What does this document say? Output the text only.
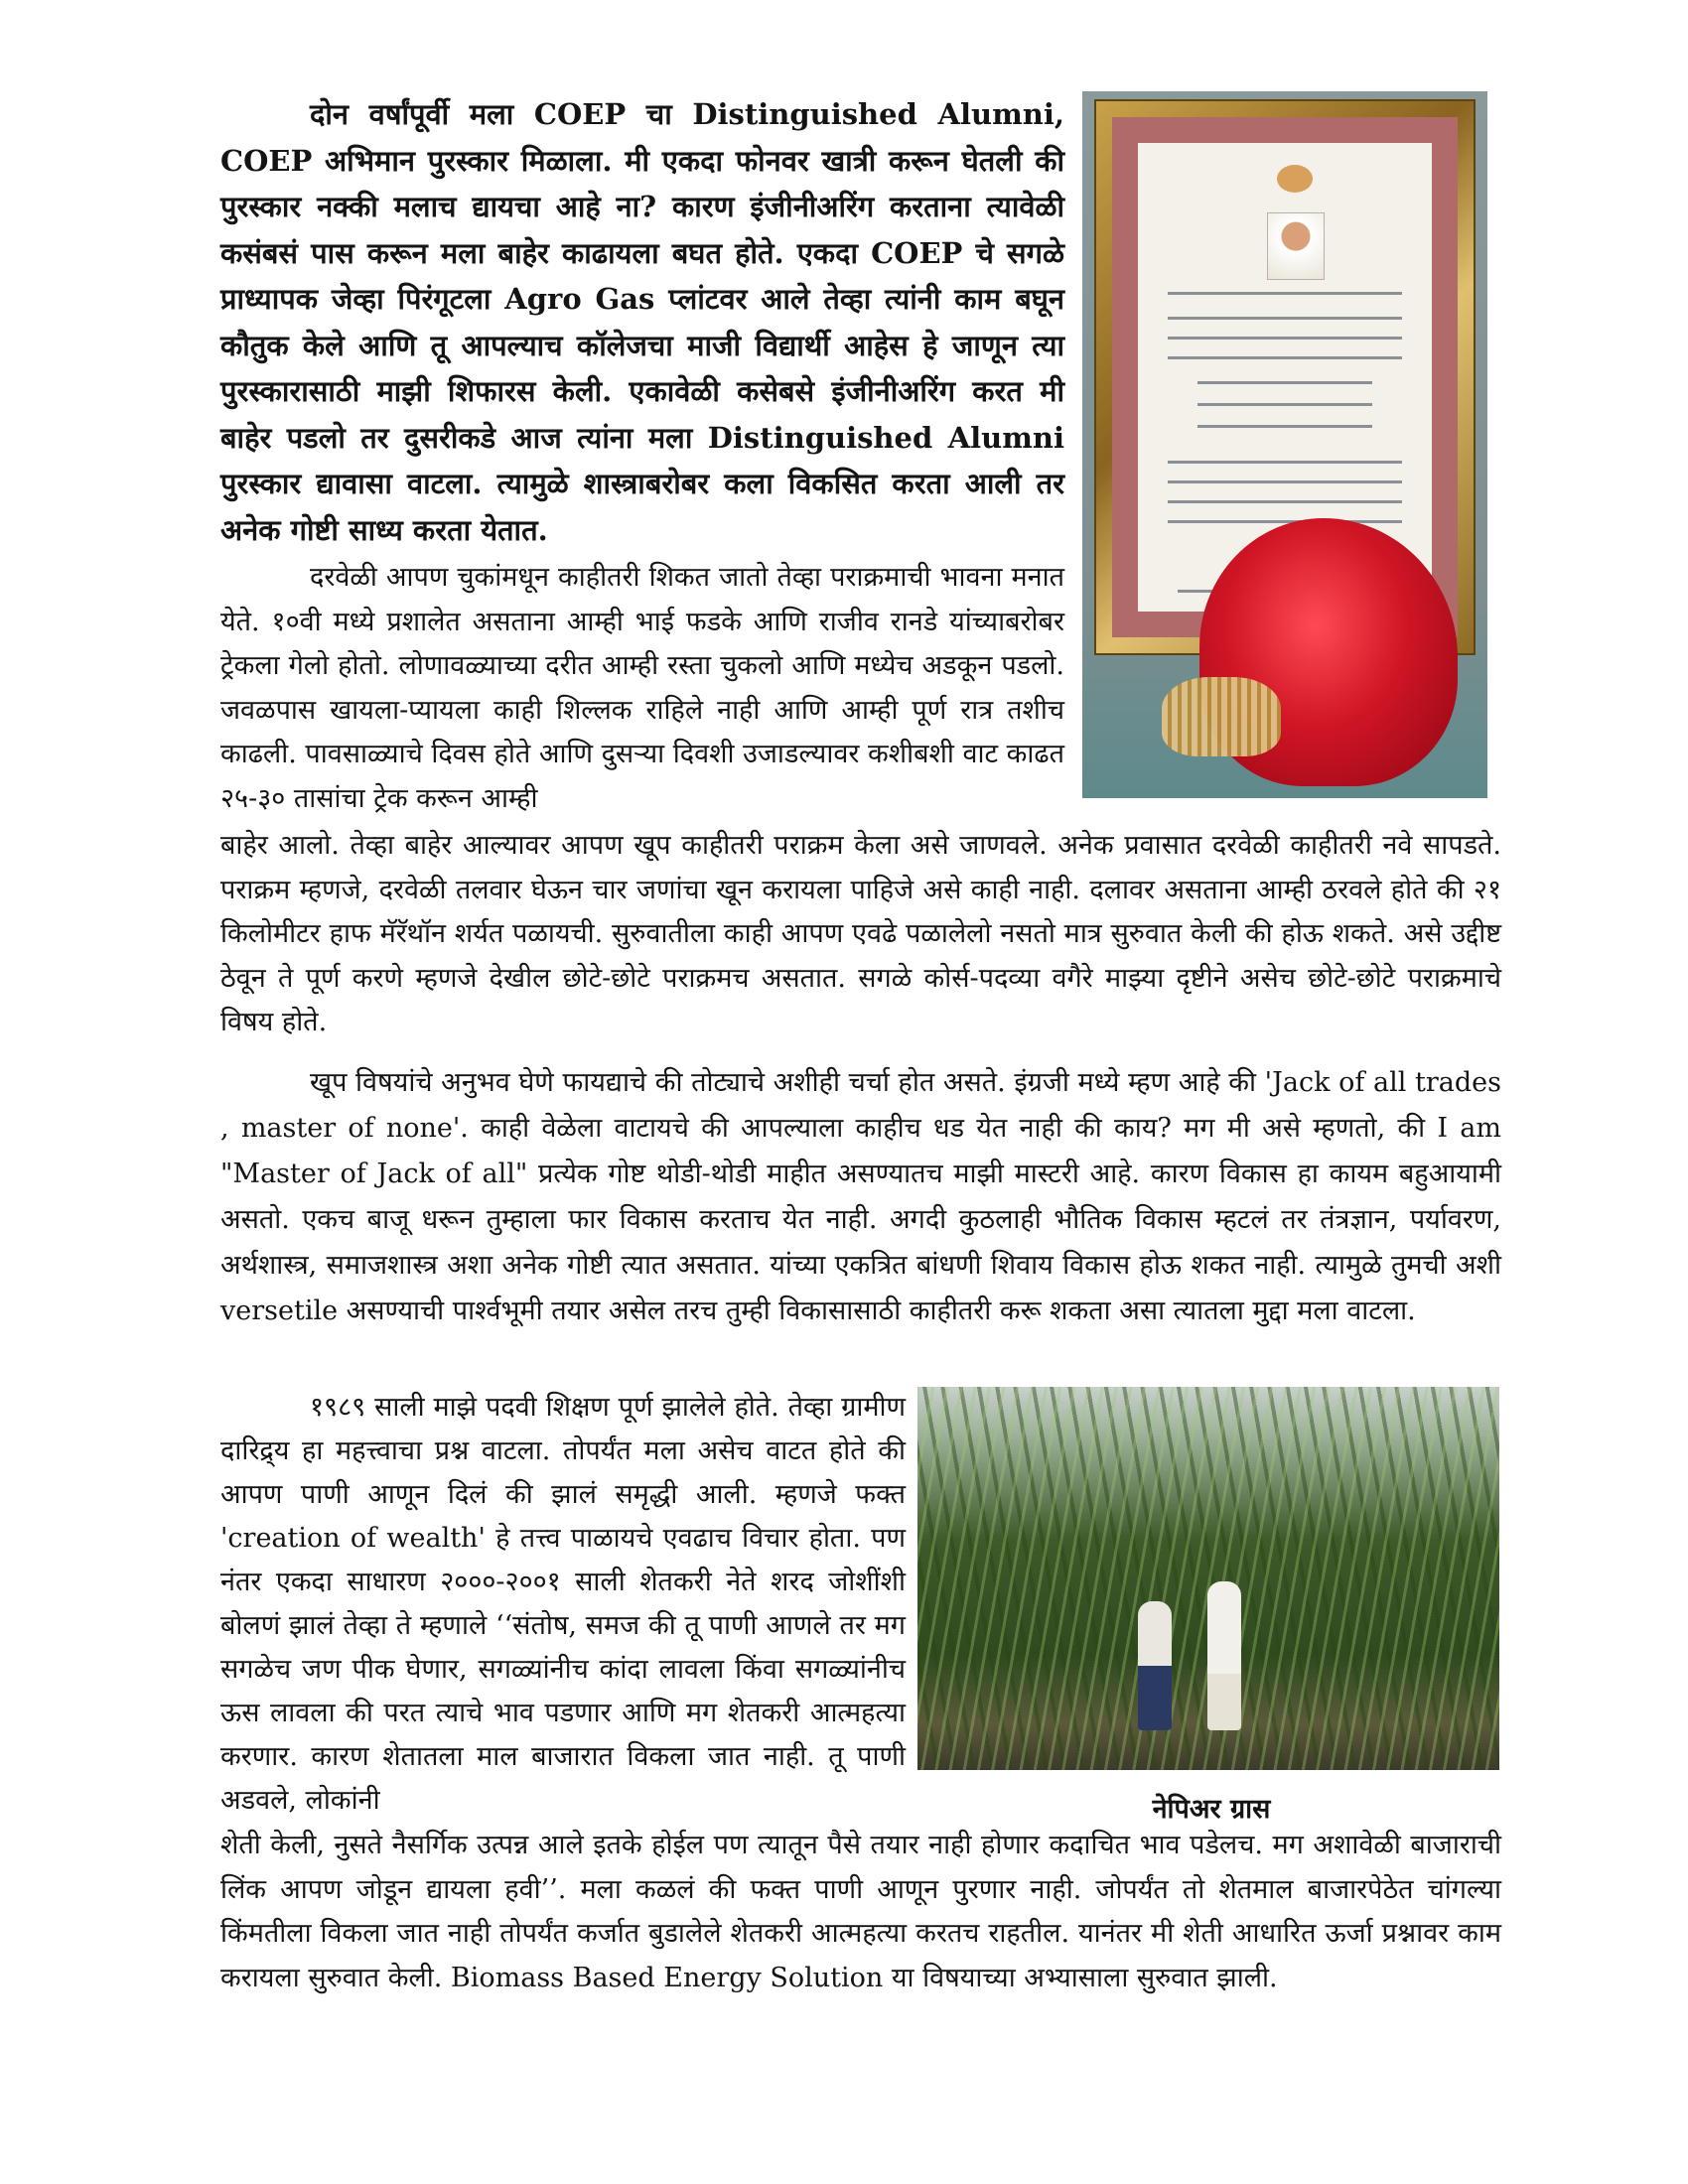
दोन वर्षांपूर्वी मला COEP चा Distinguished Alumni, COEP अभिमान पुरस्कार मिळाला. मी एकदा फोनवर खात्री करून घेतली की पुरस्कार नक्की मलाच द्यायचा आहे ना? कारण इंजीनीअरिंग करताना त्यावेळी कसंबसं पास करून मला बाहेर काढायला बघत होते. एकदा COEP चे सगळे प्राध्यापक जेव्हा पिरंगूटला Agro Gas प्लांटवर आले तेव्हा त्यांनी काम बघून कौतुक केले आणि तू आपल्याच कॉलेजचा माजी विद्यार्थी आहेस हे जाणून त्या पुरस्कारासाठी माझी शिफारस केली. एकावेळी कसेबसे इंजीनीअरिंग करत मी बाहेर पडलो तर दुसरीकडे आज त्यांना मला Distinguished Alumni पुरस्कार द्यावासा वाटला. त्यामुळे शास्त्राबरोबर कला विकसित करता आली तर अनेक गोष्टी साध्य करता येतात.
दरवेळी आपण चुकांमधून काहीतरी शिकत जातो तेव्हा पराक्रमाची भावना मनात येते. १०वी मध्ये प्रशालेत असताना आम्ही भाई फडके आणि राजीव रानडे यांच्याबरोबर ट्रेकला गेलो होतो. लोणावळ्याच्या दरीत आम्ही रस्ता चुकलो आणि मध्येच अडकून पडलो. जवळपास खायला-प्यायला काही शिल्लक राहिले नाही आणि आम्ही पूर्ण रात्र तशीच काढली. पावसाळ्याचे दिवस होते आणि दुसऱ्या दिवशी उजाडल्यावर कशीबशी वाट काढत २५-३० तासांचा ट्रेक करून आम्ही
बाहेर आलो. तेव्हा बाहेर आल्यावर आपण खूप काहीतरी पराक्रम केला असे जाणवले. अनेक प्रवासात दरवेळी काहीतरी नवे सापडते. पराक्रम म्हणजे, दरवेळी तलवार घेऊन चार जणांचा खून करायला पाहिजे असे काही नाही. दलावर असताना आम्ही ठरवले होते की २१ किलोमीटर हाफ मॅरॅथॉन शर्यत पळायची. सुरुवातीला काही आपण एवढे पळालेलो नसतो मात्र सुरुवात केली की होऊ शकते. असे उद्दीष्ट ठेवून ते पूर्ण करणे म्हणजे देखील छोटे-छोटे पराक्रमच असतात. सगळे कोर्स-पदव्या वगैरे माझ्या दृष्टीने असेच छोटे-छोटे पराक्रमाचे विषय होते.
खूप विषयांचे अनुभव घेणे फायद्याचे की तोट्याचे अशीही चर्चा होत असते. इंग्रजी मध्ये म्हण आहे की 'Jack of all trades , master of none'. काही वेळेला वाटायचे की आपल्याला काहीच धड येत नाही की काय? मग मी असे म्हणतो, की I am "Master of Jack of all" प्रत्येक गोष्ट थोडी-थोडी माहीत असण्यातच माझी मास्टरी आहे. कारण विकास हा कायम बहुआयामी असतो. एकच बाजू धरून तुम्हाला फार विकास करताच येत नाही. अगदी कुठलाही भौतिक विकास म्हटलं तर तंत्रज्ञान, पर्यावरण, अर्थशास्त्र, समाजशास्त्र अशा अनेक गोष्टी त्यात असतात. यांच्या एकत्रित बांधणी शिवाय विकास होऊ शकत नाही. त्यामुळे तुमची अशी versetile असण्याची पार्श्वभूमी तयार असेल तरच तुम्ही विकासासाठी काहीतरी करू शकता असा त्यातला मुद्दा मला वाटला.
१९८९ साली माझे पदवी शिक्षण पूर्ण झालेले होते. तेव्हा ग्रामीण दारिद्र्य हा महत्त्वाचा प्रश्न वाटला. तोपर्यंत मला असेच वाटत होते की आपण पाणी आणून दिलं की झालं समृद्धी आली. म्हणजे फक्त 'creation of wealth' हे तत्त्व पाळायचे एवढाच विचार होता. पण नंतर एकदा साधारण २०००-२००१ साली शेतकरी नेते शरद जोशींशी बोलणं झालं तेव्हा ते म्हणाले ‘‘संतोष, समज की तू पाणी आणले तर मग सगळेच जण पीक घेणार, सगळ्यांनीच कांदा लावला किंवा सगळ्यांनीच ऊस लावला की परत त्याचे भाव पडणार आणि मग शेतकरी आत्महत्या करणार. कारण शेतातला माल बाजारात विकला जात नाही. तू पाणी अडवले, लोकांनी	नेपिअर ग्रास
शेती केली, नुसते नैसर्गिक उत्पन्न आले इतके होईल पण त्यातून पैसे तयार नाही होणार कदाचित भाव पडेलच. मग अशावेळी बाजाराची लिंक आपण जोडून द्यायला हवी’’. मला कळलं की फक्त पाणी आणून पुरणार नाही. जोपर्यंत तो शेतमाल बाजारपेठेत चांगल्या किंमतीला विकला जात नाही तोपर्यंत कर्जात बुडालेले शेतकरी आत्महत्या करतच राहतील. यानंतर मी शेती आधारित ऊर्जा प्रश्नावर काम करायला सुरुवात केली. Biomass Based Energy Solution या विषयाच्या अभ्यासाला सुरुवात झाली.
